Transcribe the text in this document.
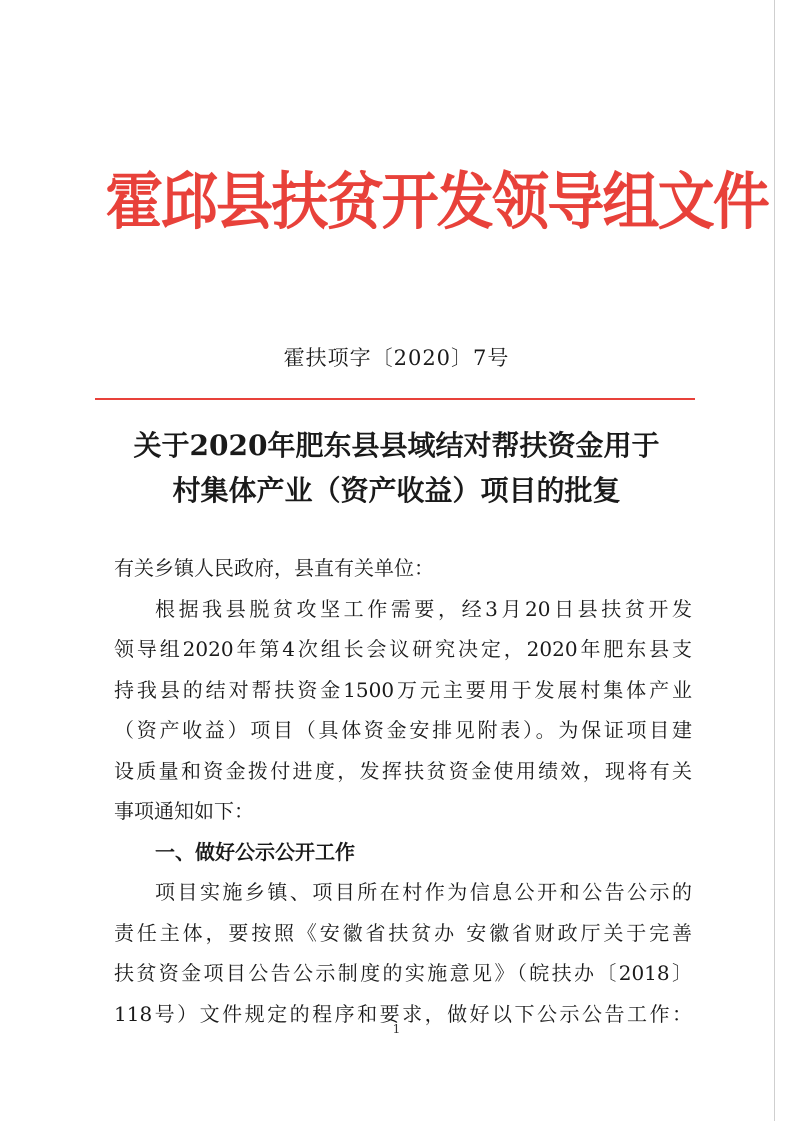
霍邱县扶贫开发领导组文件
霍扶项字〔2020〕7号
关于2020年肥东县县域结对帮扶资金用于
村集体产业（资产收益）项目的批复

有关乡镇人民政府，县直有关单位：

根据我县脱贫攻坚工作需要，经3月20日县扶贫开发

领导组2020年第4次组长会议研究决定，2020年肥东县支

持我县的结对帮扶资金1500万元主要用于发展村集体产业

（资产收益）项目（具体资金安排见附表）。为保证项目建

设质量和资金拨付进度，发挥扶贫资金使用绩效，现将有关

事项通知如下：

一、做好公示公开工作

项目实施乡镇、项目所在村作为信息公开和公告公示的

责任主体，要按照《安徽省扶贫办 安徽省财政厅关于完善

扶贫资金项目公告公示制度的实施意见》（皖扶办〔2018〕

118号）文件规定的程序和要求，做好以下公示公告工作：

1
